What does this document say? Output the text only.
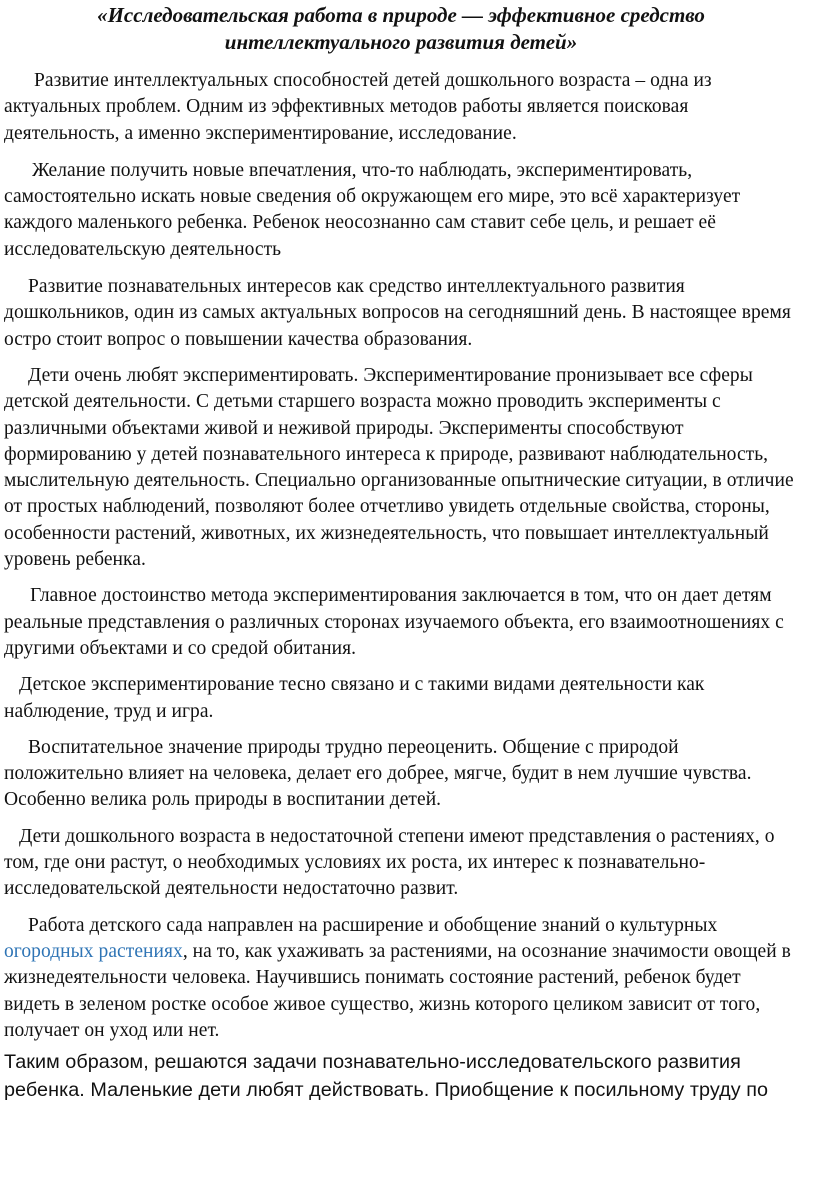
«Исследовательская работа в природе — эффективное средство интеллектуального развития детей»

Развитие интеллектуальных способностей детей дошкольного возраста – одна из актуальных проблем. Одним из эффективных методов работы является поисковая деятельность, а именно экспериментирование, исследование.

Желание получить новые впечатления, что-то наблюдать, экспериментировать, самостоятельно искать новые сведения об окружающем его мире, это всё характеризует каждого маленького ребенка. Ребенок неосознанно сам ставит себе цель, и решает её исследовательскую деятельность

Развитие познавательных интересов как средство интеллектуального развития дошкольников, один из самых актуальных вопросов на сегодняшний день. В настоящее время остро стоит вопрос о повышении качества образования.

Дети очень любят экспериментировать. Экспериментирование пронизывает все сферы детской деятельности. С детьми старшего возраста можно проводить эксперименты с различными объектами живой и неживой природы. Эксперименты способствуют формированию у детей познавательного интереса к природе, развивают наблюдательность, мыслительную деятельность. Специально организованные опытнические ситуации, в отличие от простых наблюдений, позволяют более отчетливо увидеть отдельные свойства, стороны, особенности растений, животных, их жизнедеятельность, что повышает интеллектуальный уровень ребенка.

Главное достоинство метода экспериментирования заключается в том, что он дает детям реальные представления о различных сторонах изучаемого объекта, его взаимоотношениях с другими объектами и со средой обитания.

Детское экспериментирование тесно связано и с такими видами деятельности как наблюдение, труд и игра.

Воспитательное значение природы трудно переоценить. Общение с природой положительно влияет на человека, делает его добрее, мягче, будит в нем лучшие чувства. Особенно велика роль природы в воспитании детей.

Дети дошкольного возраста в недостаточной степени имеют представления о растениях, о том, где они растут, о необходимых условиях их роста, их интерес к познавательно-исследовательской деятельности недостаточно развит.

Работа детского сада направлен на расширение и обобщение знаний о культурных огородных растениях, на то, как ухаживать за растениями, на осознание значимости овощей в жизнедеятельности человека. Научившись понимать состояние растений, ребенок будет видеть в зеленом ростке особое живое существо, жизнь которого целиком зависит от того, получает он уход или нет.

Таким образом, решаются задачи познавательно-исследовательского развития ребенка. Маленькие дети любят действовать. Приобщение к посильному труду по
